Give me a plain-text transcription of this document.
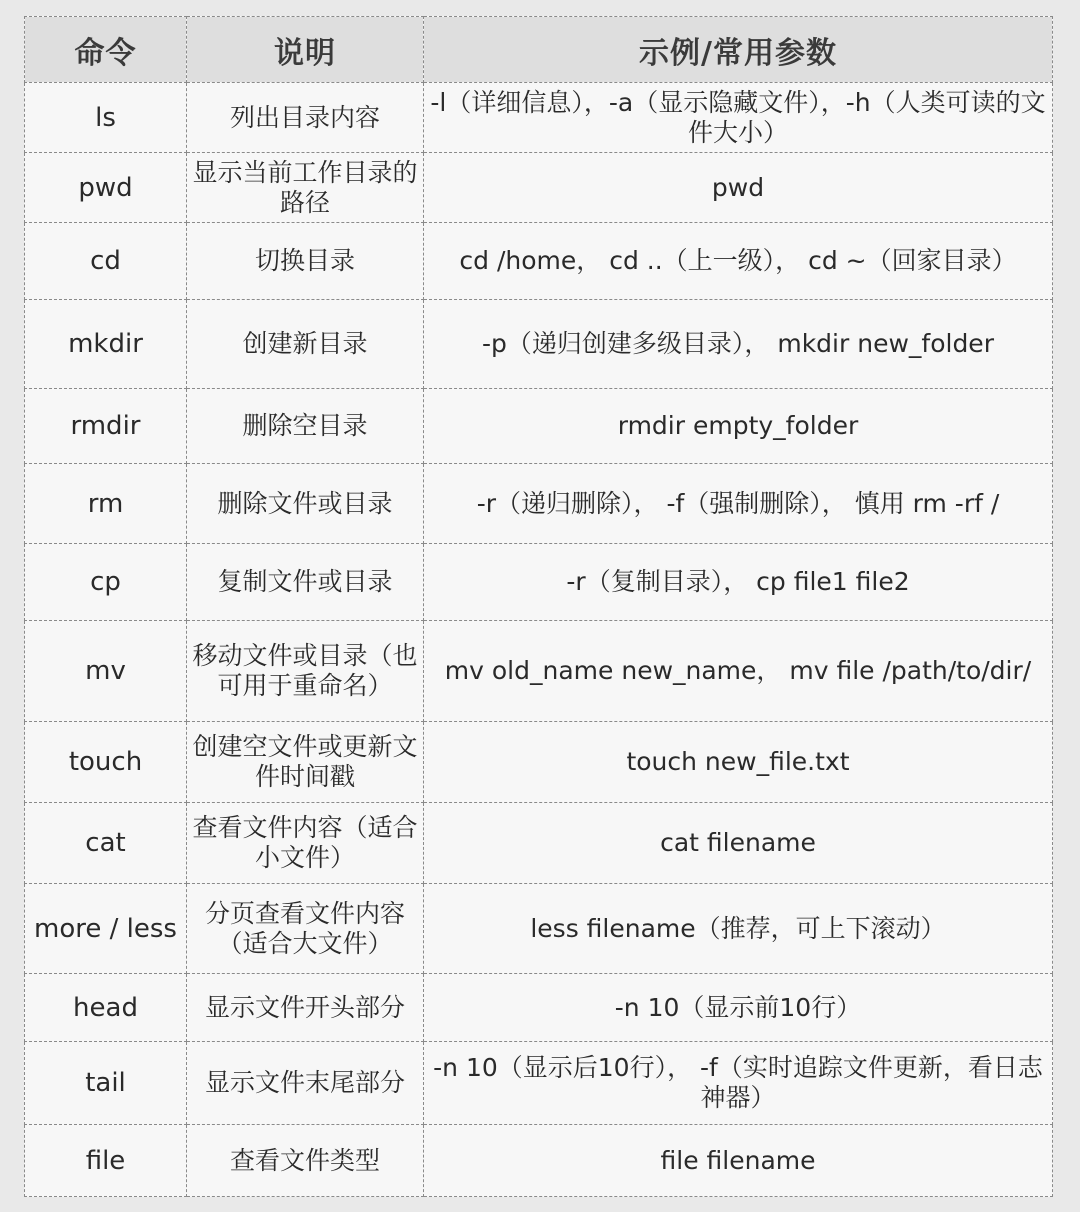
命令	说明	示例/常用参数
ls	列出目录内容	-l（详细信息），-a（显示隐藏文件），-h（人类可读的文件大小）
pwd	显示当前工作目录的路径	pwd
cd	切换目录	cd /home， cd ..（上一级）， cd ~（回家目录）
mkdir	创建新目录	-p（递归创建多级目录）， mkdir new_folder
rmdir	删除空目录	rmdir empty_folder
rm	删除文件或目录	-r（递归删除）， -f（强制删除）， 慎用 rm -rf /
cp	复制文件或目录	-r（复制目录）， cp file1 file2
mv	移动文件或目录（也可用于重命名）	mv old_name new_name， mv file /path/to/dir/
touch	创建空文件或更新文件时间戳	touch new_file.txt
cat	查看文件内容（适合小文件）	cat filename
more / less	分页查看文件内容（适合大文件）	less filename（推荐，可上下滚动）
head	显示文件开头部分	-n 10（显示前10行）
tail	显示文件末尾部分	-n 10（显示后10行）， -f（实时追踪文件更新，看日志神器）
file	查看文件类型	file filename
